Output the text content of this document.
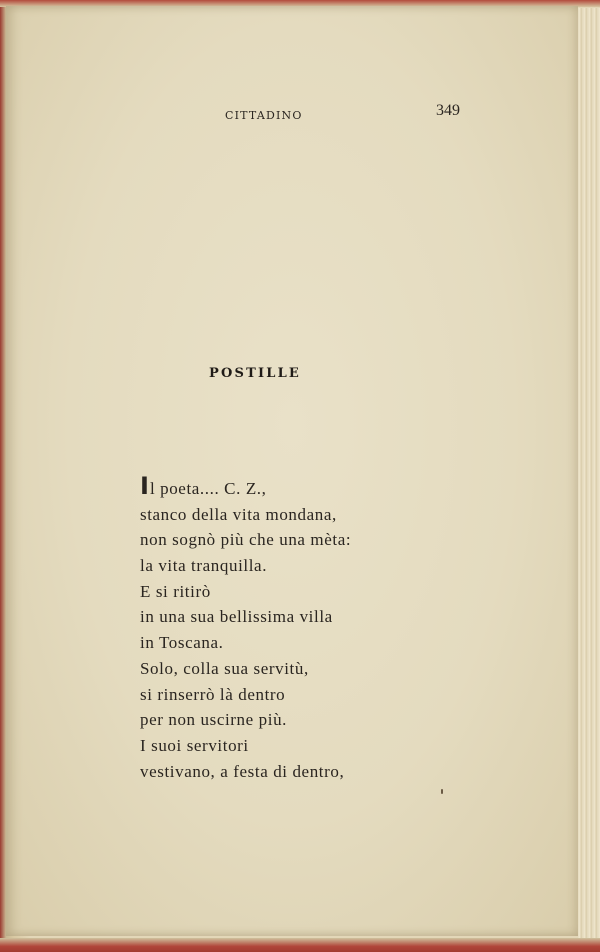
CITTADINO	349
POSTILLE
Il poeta.... C. Z.,
stanco della vita mondana,
non sognò più che una mèta:
la vita tranquilla.
E si ritirò
in una sua bellissima villa
in Toscana.
Solo, colla sua servitù,
si rinserrò là dentro
per non uscirne più.
I suoi servitori
vestivano, a festa di dentro,
